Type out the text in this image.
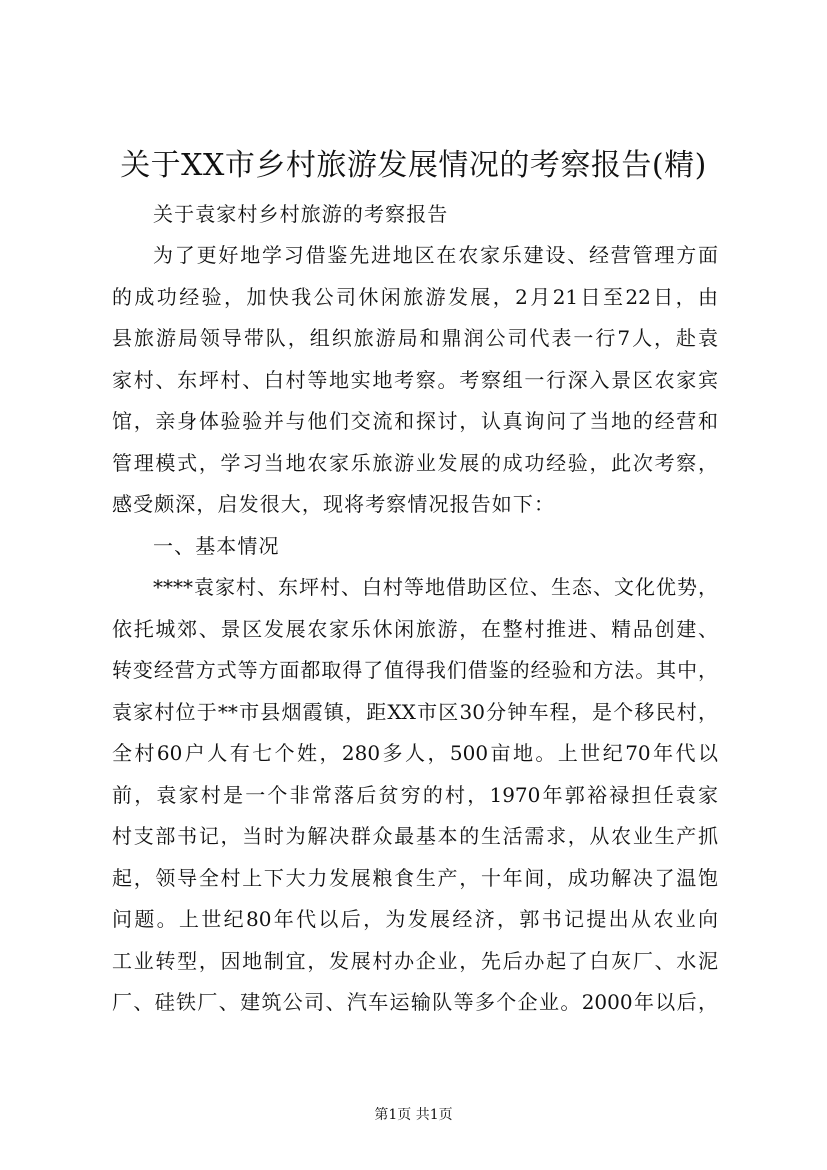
关于XX市乡村旅游发展情况的考察报告(精)
关于袁家村乡村旅游的考察报告
为了更好地学习借鉴先进地区在农家乐建设、经营管理方面
的成功经验，加快我公司休闲旅游发展，2月21日至22日，由
县旅游局领导带队，组织旅游局和鼎润公司代表一行7人，赴袁
家村、东坪村、白村等地实地考察。考察组一行深入景区农家宾
馆，亲身体验验并与他们交流和探讨，认真询问了当地的经营和
管理模式，学习当地农家乐旅游业发展的成功经验，此次考察，
感受颇深，启发很大，现将考察情况报告如下：
一、基本情况
****袁家村、东坪村、白村等地借助区位、生态、文化优势，
依托城郊、景区发展农家乐休闲旅游，在整村推进、精品创建、
转变经营方式等方面都取得了值得我们借鉴的经验和方法。其中，
袁家村位于**市县烟霞镇，距XX市区30分钟车程，是个移民村，
全村60户人有七个姓，280多人，500亩地。上世纪70年代以
前，袁家村是一个非常落后贫穷的村，1970年郭裕禄担任袁家
村支部书记，当时为解决群众最基本的生活需求，从农业生产抓
起，领导全村上下大力发展粮食生产，十年间，成功解决了温饱
问题。上世纪80年代以后，为发展经济，郭书记提出从农业向
工业转型，因地制宜，发展村办企业，先后办起了白灰厂、水泥
厂、硅铁厂、建筑公司、汽车运输队等多个企业。2000年以后，
第1页 共1页
